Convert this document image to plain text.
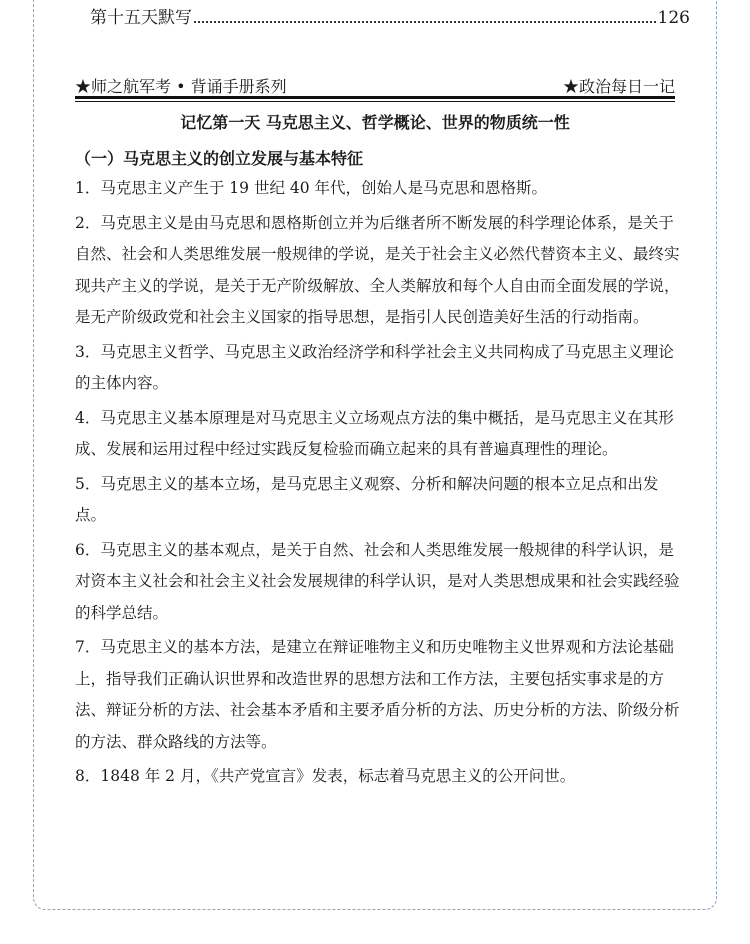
第十五天默写	126
★师之航军考 • 背诵手册系列	★政治每日一记
记忆第一天 马克思主义、哲学概论、世界的物质统一性
（一）马克思主义的创立发展与基本特征

1．马克思主义产生于 19 世纪 40 年代，创始人是马克思和恩格斯。

2．马克思主义是由马克思和恩格斯创立并为后继者所不断发展的科学理论体系，是关于自然、社会和人类思维发展一般规律的学说，是关于社会主义必然代替资本主义、最终实现共产主义的学说，是关于无产阶级解放、全人类解放和每个人自由而全面发展的学说，是无产阶级政党和社会主义国家的指导思想，是指引人民创造美好生活的行动指南。

3．马克思主义哲学、马克思主义政治经济学和科学社会主义共同构成了马克思主义理论的主体内容。

4．马克思主义基本原理是对马克思主义立场观点方法的集中概括，是马克思主义在其形成、发展和运用过程中经过实践反复检验而确立起来的具有普遍真理性的理论。

5．马克思主义的基本立场，是马克思主义观察、分析和解决问题的根本立足点和出发点。

6．马克思主义的基本观点，是关于自然、社会和人类思维发展一般规律的科学认识，是对资本主义社会和社会主义社会发展规律的科学认识，是对人类思想成果和社会实践经验的科学总结。

7．马克思主义的基本方法，是建立在辩证唯物主义和历史唯物主义世界观和方法论基础上，指导我们正确认识世界和改造世界的思想方法和工作方法，主要包括实事求是的方法、辩证分析的方法、社会基本矛盾和主要矛盾分析的方法、历史分析的方法、阶级分析的方法、群众路线的方法等。

8．1848 年 2 月，《共产党宣言》发表，标志着马克思主义的公开问世。
